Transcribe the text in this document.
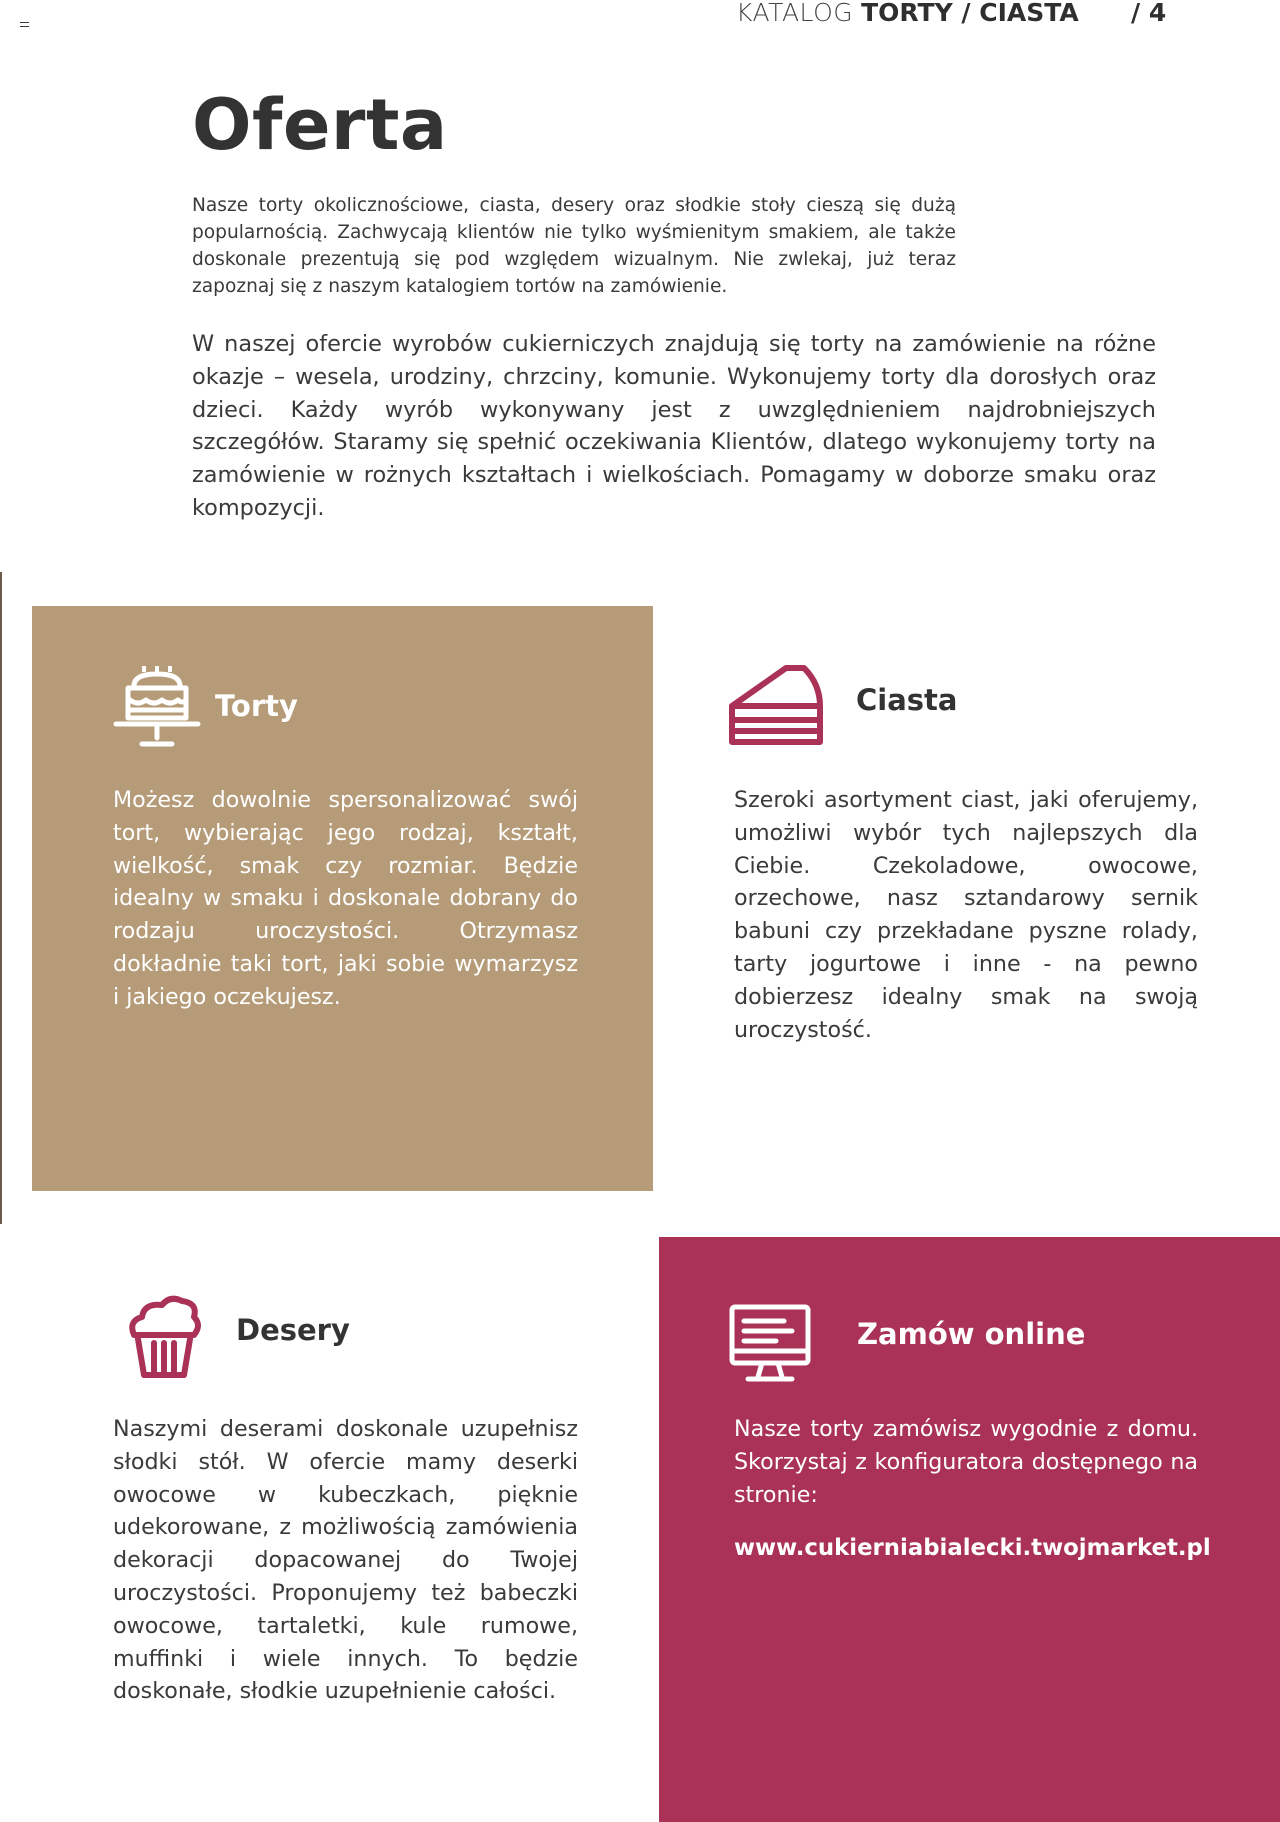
KATALOG TORTY / CIASTA / 4
Oferta

Nasze torty okolicznościowe, ciasta, desery oraz słodkie stoły cieszą się dużą popularnością. Zachwycają klientów nie tylko wyśmienitym smakiem, ale także doskonale prezentują się pod względem wizualnym. Nie zwlekaj, już teraz zapoznaj się z naszym katalogiem tortów na zamówienie.

W naszej ofercie wyrobów cukierniczych znajdują się torty na zamówienie na różne okazje – wesela, urodziny, chrzciny, komunie. Wykonujemy torty dla dorosłych oraz dzieci. Każdy wyrób wykonywany jest z uwzględnieniem najdrobniejszych szczegółów. Staramy się spełnić oczekiwania Klientów, dlatego wykonujemy torty na zamówienie w rożnych kształtach i wielkościach. Pomagamy w doborze smaku oraz kompozycji.

Torty

Możesz dowolnie spersonalizować swój tort, wybierając jego rodzaj, kształt, wielkość, smak czy rozmiar. Będzie idealny w smaku i doskonale dobrany do rodzaju uroczystości. Otrzymasz dokładnie taki tort, jaki sobie wymarzysz i jakiego oczekujesz.

Ciasta

Szeroki asortyment ciast, jaki oferujemy, umożliwi wybór tych najlepszych dla Ciebie. Czekoladowe, owocowe, orzechowe, nasz sztandarowy sernik babuni czy przekładane pyszne rolady, tarty jogurtowe i inne - na pewno dobierzesz idealny smak na swoją uroczystość.

Desery

Naszymi deserami doskonale uzupełnisz słodki stół. W ofercie mamy deserki owocowe w kubeczkach, pięknie udekorowane, z możliwością zamówienia dekoracji dopacowanej do Twojej uroczystości. Proponujemy też babeczki owocowe, tartaletki, kule rumowe, muffinki i wiele innych. To będzie doskonałe, słodkie uzupełnienie całości.

Zamów online

Nasze torty zamówisz wygodnie z domu. Skorzystaj z konfiguratora dostępnego na stronie:

www.cukierniabialecki.twojmarket.pl
